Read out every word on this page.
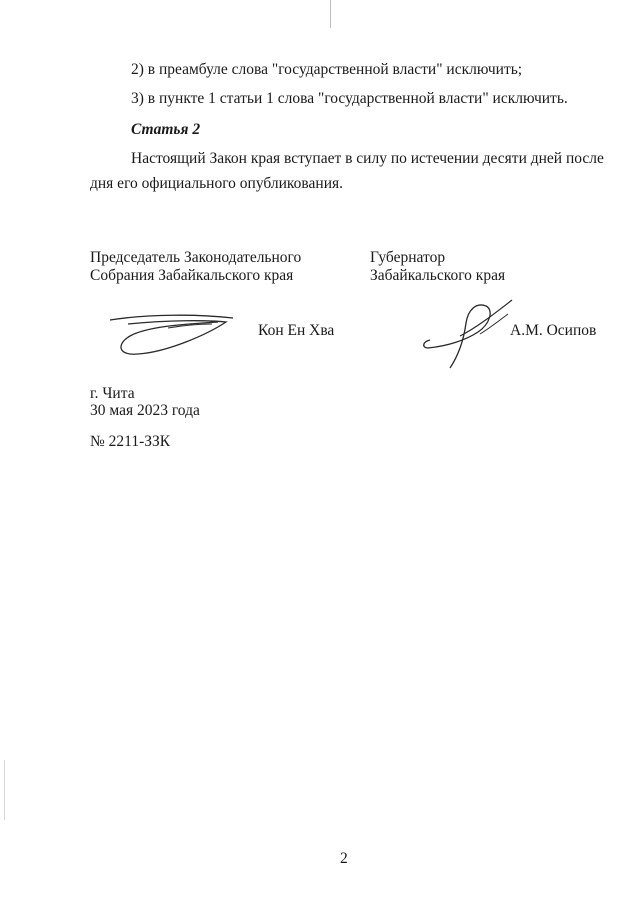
2) в преамбуле слова "государственной власти" исключить;
3) в пункте 1 статьи 1 слова "государственной власти" исключить.
Статья 2
Настоящий Закон края вступает в силу по истечении десяти дней после
дня его официального опубликования.
Председатель Законодательного
Собрания Забайкальского края
Губернатор
Забайкальского края
Кон Ен Хва	А.М. Осипов
г. Чита
30 мая 2023 года
№ 2211-ЗЗК
2
